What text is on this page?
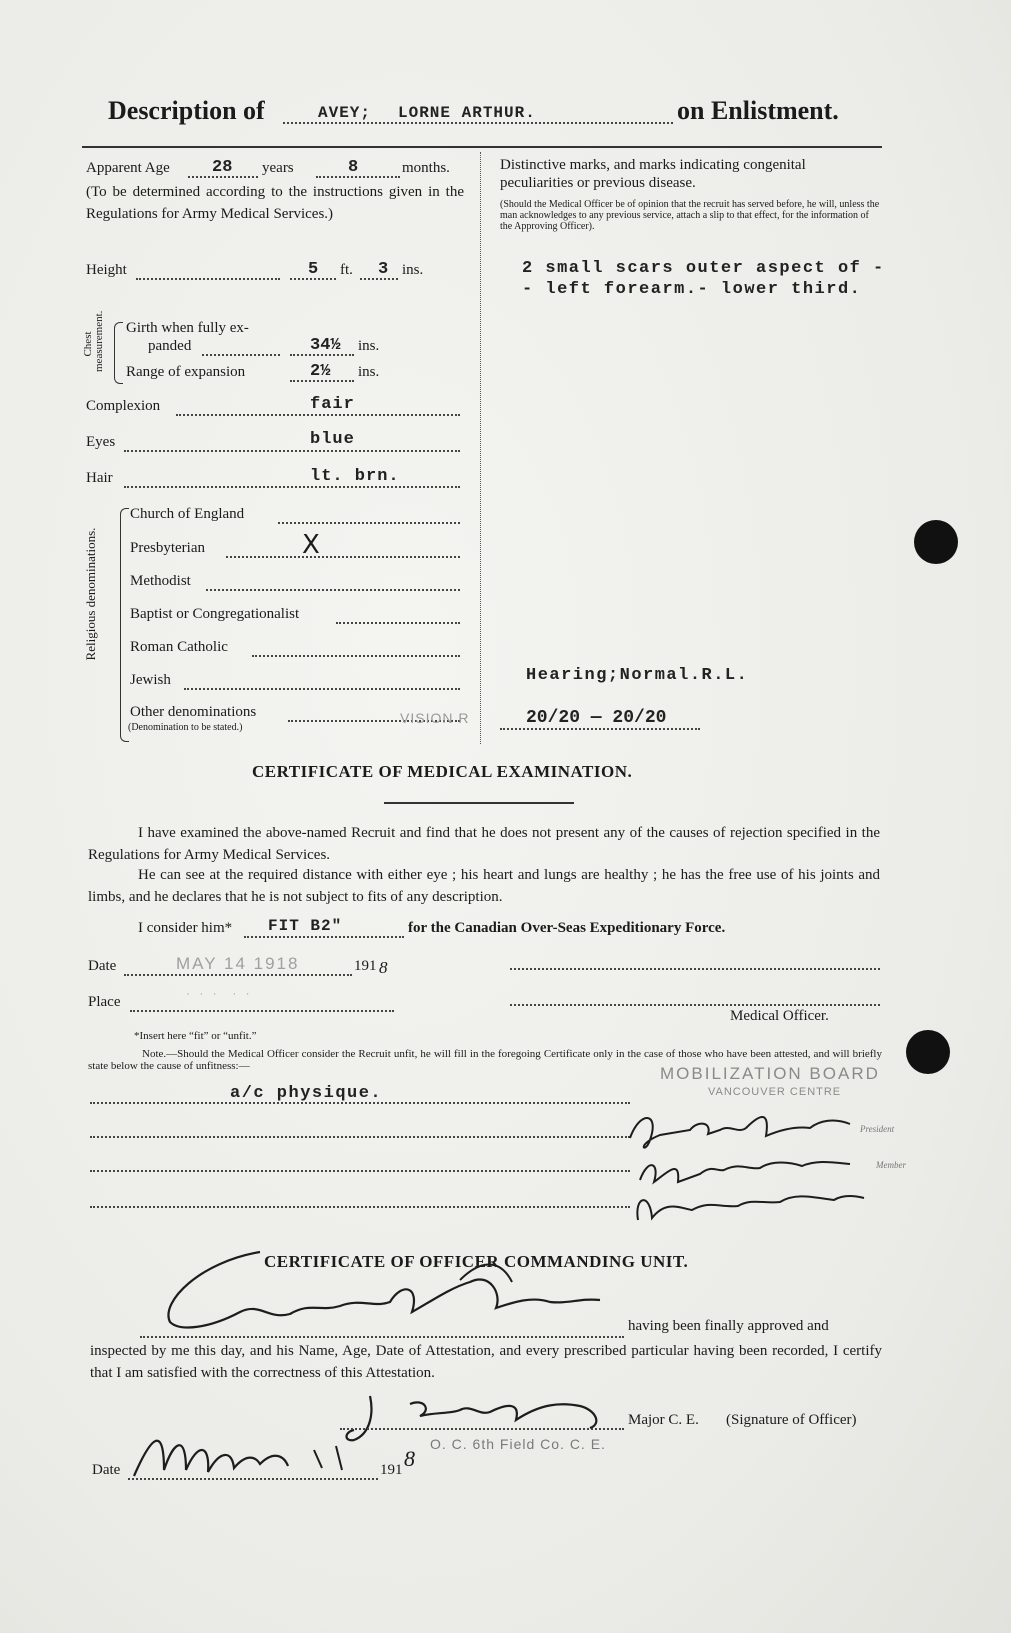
Description of	AVEY; LORNE ARTHUR.	on Enlistment.
Apparent Age 28 years	8	months.
(To be determined according to the instructions given in the Regulations for Army Medical Services.)
Distinctive marks, and marks indicating congenital peculiarities or previous disease.
(Should the Medical Officer be of opinion that the recruit has served before, he will, unless the man acknowledges to any previous service, attach a slip to that effect, for the information of the Approving Officer).
Height	5 ft. 3 ins.	2 small scars outer aspect of -
- left forearm.- lower third.
Chest measurement. Girth when fully ex-
panded	34½ ins.
Range of expansion	2½ ins.
Complexion	fair
Eyes	blue
Hair	lt. brn.
Religious denominations.
Church of England
Presbyterian	X
Methodist
Baptist or Congregationalist
Roman Catholic
Jewish
Other denominations
(Denomination to be stated.)
Hearing;Normal.R.L.
VISION R	20/20 — 20/20
CERTIFICATE OF MEDICAL EXAMINATION.
I have examined the above-named Recruit and find that he does not present any of the causes of rejection specified in the Regulations for Army Medical Services.
He can see at the required distance with either eye ; his heart and lungs are healthy ; he has the free use of his joints and limbs, and he declares that he is not subject to fits of any description.
I consider him* FIT B2"	for the Canadian Over-Seas Expeditionary Force.
Date	MAY 14 1918	191 8
Place
· · ·  · ·
Medical Officer.
*Insert here “fit” or “unfit.”
Note.—Should the Medical Officer consider the Recruit unfit, he will fill in the foregoing Certificate only in the case of those who have been attested, and will briefly state below the cause of unfitness:—	MOBILIZATION BOARD
VANCOUVER CENTRE
a/c physique.
President
Member
CERTIFICATE OF OFFICER COMMANDING UNIT.
having been finally approved and
inspected by me this day, and his Name, Age, Date of Attestation, and every prescribed particular having been recorded, I certify that I am satisfied with the correctness of this Attestation.
Major C. E. (Signature of Officer)
O. C. 6th Field Co. C. E.
Date	191 8
